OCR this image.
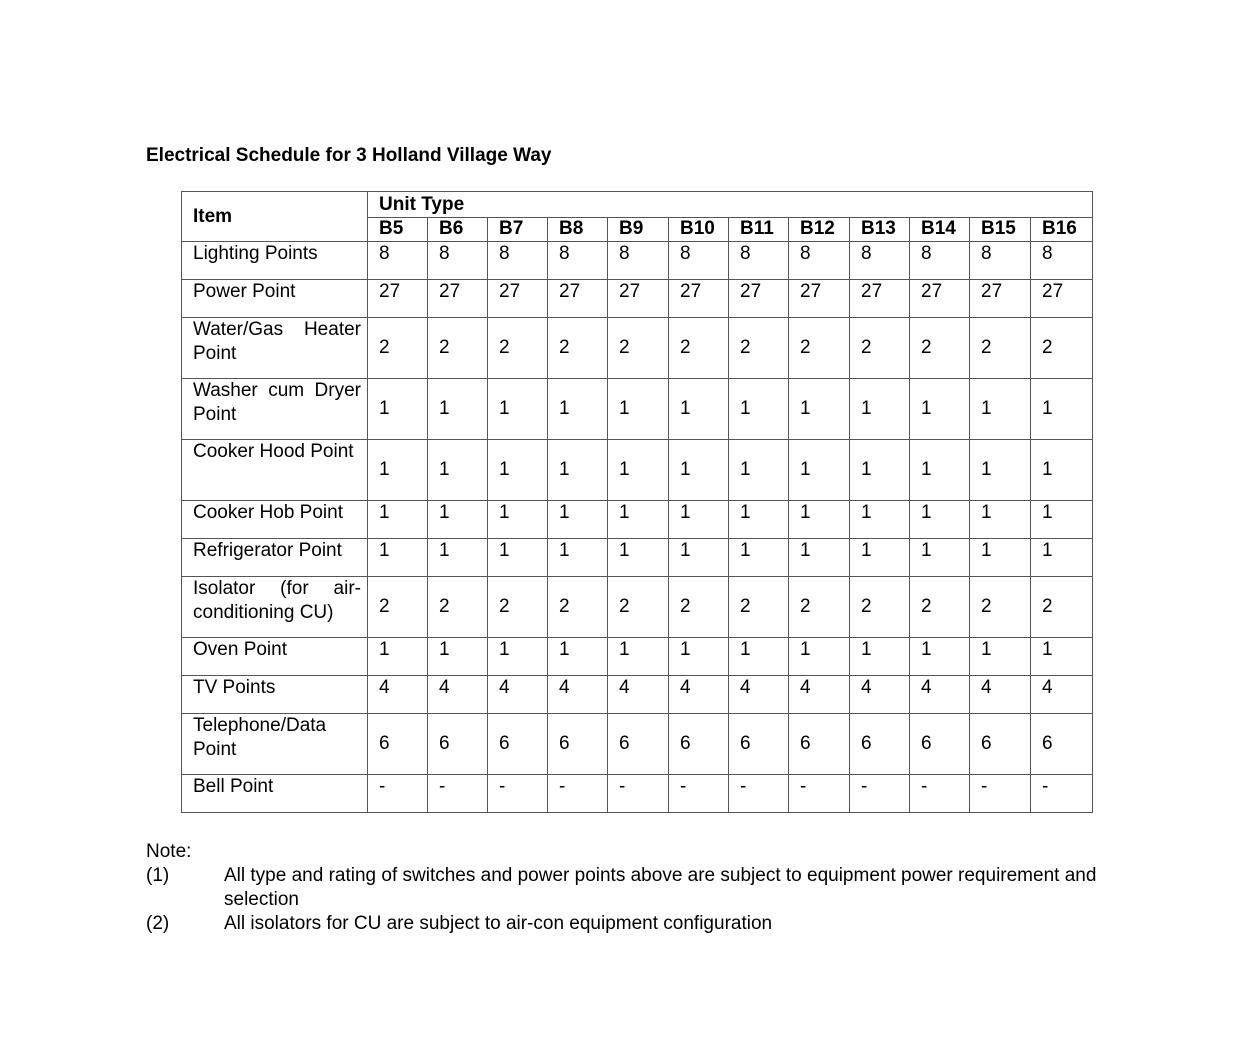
Electrical Schedule for 3 Holland Village Way
Item	Unit Type											
	B5	B6	B7	B8	B9	B10	B11	B12	B13	B14	B15	B16
Lighting Points	8	8	8	8	8	8	8	8	8	8	8	8
Power Point	27	27	27	27	27	27	27	27	27	27	27	27
Water/Gas Heater Point	2	2	2	2	2	2	2	2	2	2	2	2
Washer cum Dryer Point	1	1	1	1	1	1	1	1	1	1	1	1
Cooker Hood Point	1	1	1	1	1	1	1	1	1	1	1	1
Cooker Hob Point	1	1	1	1	1	1	1	1	1	1	1	1
Refrigerator Point	1	1	1	1	1	1	1	1	1	1	1	1
Isolator (for air-conditioning CU)	2	2	2	2	2	2	2	2	2	2	2	2
Oven Point	1	1	1	1	1	1	1	1	1	1	1	1
TV Points	4	4	4	4	4	4	4	4	4	4	4	4
Telephone/Data Point	6	6	6	6	6	6	6	6	6	6	6	6
Bell Point	-	-	-	-	-	-	-	-	-	-	-	-
Note:
(1)	All type and rating of switches and power points above are subject to equipment power requirement and selection
(2)	All isolators for CU are subject to air-con equipment configuration
